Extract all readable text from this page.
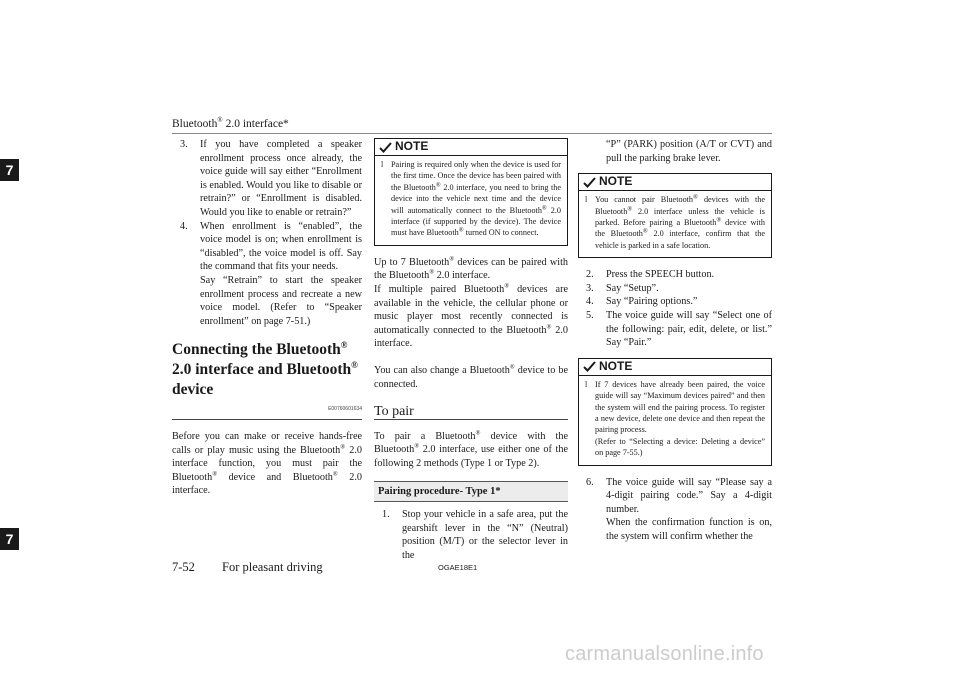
Bluetooth® 2.0 interface*
7
7
3.	If you have completed a speaker enrollment process once already, the voice guide will say either “Enrollment is enabled. Would you like to disable or retrain?” or “Enrollment is disabled. Would you like to enable or retrain?”
4.	When enrollment is “enabled”, the voice model is on; when enrollment is “disabled”, the voice model is off. Say the command that fits your needs.

Say “Retrain” to start the speaker enrollment process and recreate a new voice model. (Refer to “Speaker enrollment” on page 7-51.)

Connecting the Bluetooth® 2.0 interface and Bluetooth® device
E00760601634

Before you can make or receive hands-free calls or play music using the Bluetooth® 2.0 interface function, you must pair the Bluetooth® device and Bluetooth® 2.0 interface.

NOTE
l Pairing is required only when the device is used for the first time. Once the device has been paired with the Bluetooth® 2.0 interface, you need to bring the device into the vehicle next time and the device will automatically connect to the Bluetooth® 2.0 interface (if supported by the device). The device must have Bluetooth® turned ON to connect.

Up to 7 Bluetooth® devices can be paired with the Bluetooth® 2.0 interface.

If multiple paired Bluetooth® devices are available in the vehicle, the cellular phone or music player most recently connected is automatically connected to the Bluetooth® 2.0 interface.

You can also change a Bluetooth® device to be connected.

To pair

To pair a Bluetooth® device with the Bluetooth® 2.0 interface, use either one of the following 2 methods (Type 1 or Type 2).

Pairing procedure- Type 1*
1.	Stop your vehicle in a safe area, put the gearshift lever in the “N” (Neutral) position (M/T) or the selector lever in the

“P” (PARK) position (A/T or CVT) and pull the parking brake lever.

NOTE
l You cannot pair Bluetooth® devices with the Bluetooth® 2.0 interface unless the vehicle is parked. Before pairing a Bluetooth® device with the Bluetooth® 2.0 interface, confirm that the vehicle is parked in a safe location.
2.	Press the SPEECH button.
3.	Say “Setup”.
4.	Say “Pairing options.”
5.	The voice guide will say “Select one of the following: pair, edit, delete, or list.” Say “Pair.”
NOTE
l If 7 devices have already been paired, the voice guide will say “Maximum devices paired” and then the system will end the pairing process. To register a new device, delete one device and then repeat the pairing process.
(Refer to “Selecting a device: Deleting a device” on page 7-55.)
6.	The voice guide will say “Please say a 4-digit pairing code.” Say a 4-digit number.

When the confirmation function is on, the system will confirm whether the

7-52 For pleasant driving	OGAE18E1
carmanualsonline.info
